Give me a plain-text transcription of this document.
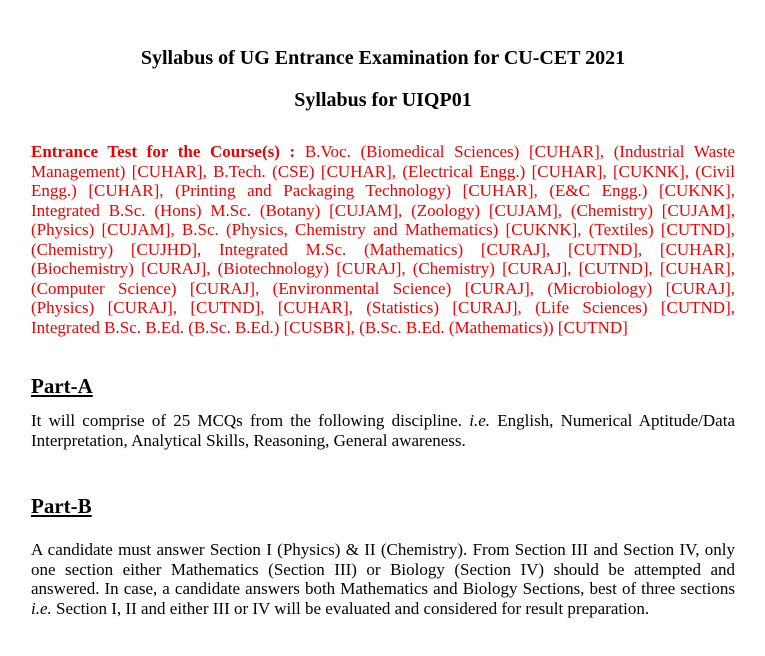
Syllabus of UG Entrance Examination for CU-CET 2021
Syllabus for UIQP01

Entrance Test for the Course(s) : B.Voc. (Biomedical Sciences) [CUHAR], (Industrial Waste Management) [CUHAR], B.Tech. (CSE) [CUHAR], (Electrical Engg.) [CUHAR], [CUKNK], (Civil Engg.) [CUHAR], (Printing and Packaging Technology) [CUHAR], (E&C Engg.) [CUKNK], Integrated B.Sc. (Hons) M.Sc. (Botany) [CUJAM], (Zoology) [CUJAM], (Chemistry) [CUJAM], (Physics) [CUJAM], B.Sc. (Physics, Chemistry and Mathematics) [CUKNK], (Textiles) [CUTND], (Chemistry) [CUJHD], Integrated M.Sc. (Mathematics) [CURAJ], [CUTND], [CUHAR], (Biochemistry) [CURAJ], (Biotechnology) [CURAJ], (Chemistry) [CURAJ], [CUTND], [CUHAR], (Computer Science) [CURAJ], (Environmental Science) [CURAJ], (Microbiology) [CURAJ], (Physics) [CURAJ], [CUTND], [CUHAR], (Statistics) [CURAJ], (Life Sciences) [CUTND], Integrated B.Sc. B.Ed. (B.Sc. B.Ed.) [CUSBR], (B.Sc. B.Ed. (Mathematics)) [CUTND]

Part-A

It will comprise of 25 MCQs from the following discipline. i.e. English, Numerical Aptitude/Data Interpretation, Analytical Skills, Reasoning, General awareness.

Part-B

A candidate must answer Section I (Physics) & II (Chemistry). From Section III and Section IV, only one section either Mathematics (Section III) or Biology (Section IV) should be attempted and answered. In case, a candidate answers both Mathematics and Biology Sections, best of three sections i.e. Section I, II and either III or IV will be evaluated and considered for result preparation.
